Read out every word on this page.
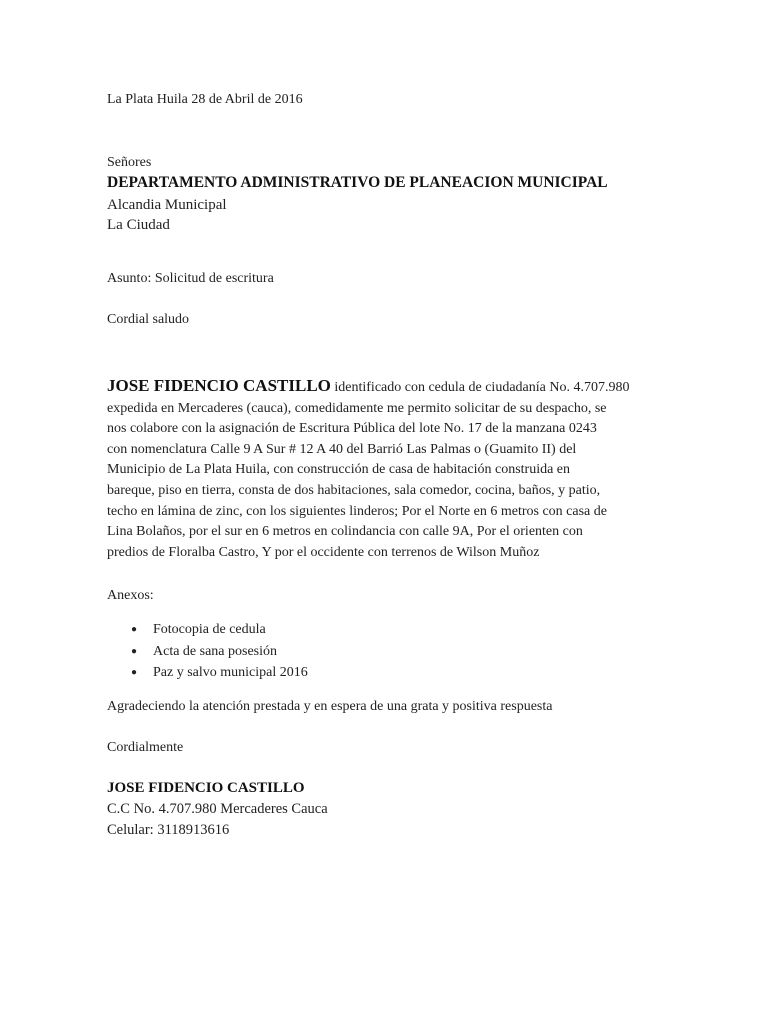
La Plata Huila 28 de Abril de 2016
Señores
DEPARTAMENTO ADMINISTRATIVO DE PLANEACION MUNICIPAL
Alcandia Municipal
La Ciudad
Asunto: Solicitud de escritura
Cordial saludo
JOSE FIDENCIO CASTILLO identificado con cedula de ciudadanía No. 4.707.980
expedida en Mercaderes (cauca), comedidamente me permito solicitar de su despacho, se
nos colabore con la asignación de Escritura Pública del lote No. 17 de la manzana 0243
con nomenclatura Calle 9 A Sur # 12 A 40 del Barrió Las Palmas o (Guamito II) del
Municipio de La Plata Huila, con construcción de casa de habitación construida en
bareque, piso en tierra, consta de dos habitaciones, sala comedor, cocina, baños, y patio,
techo en lámina de zinc, con los siguientes linderos; Por el Norte en 6 metros con casa de
Lina Bolaños, por el sur en 6 metros en colindancia con calle 9A, Por el orienten con
predios de Floralba Castro, Y por el occidente con terrenos de Wilson Muñoz
Anexos:
● Fotocopia de cedula
● Acta de sana posesión
● Paz y salvo municipal 2016
Agradeciendo la atención prestada y en espera de una grata y positiva respuesta
Cordialmente
JOSE FIDENCIO CASTILLO
C.C No. 4.707.980 Mercaderes Cauca
Celular: 3118913616
